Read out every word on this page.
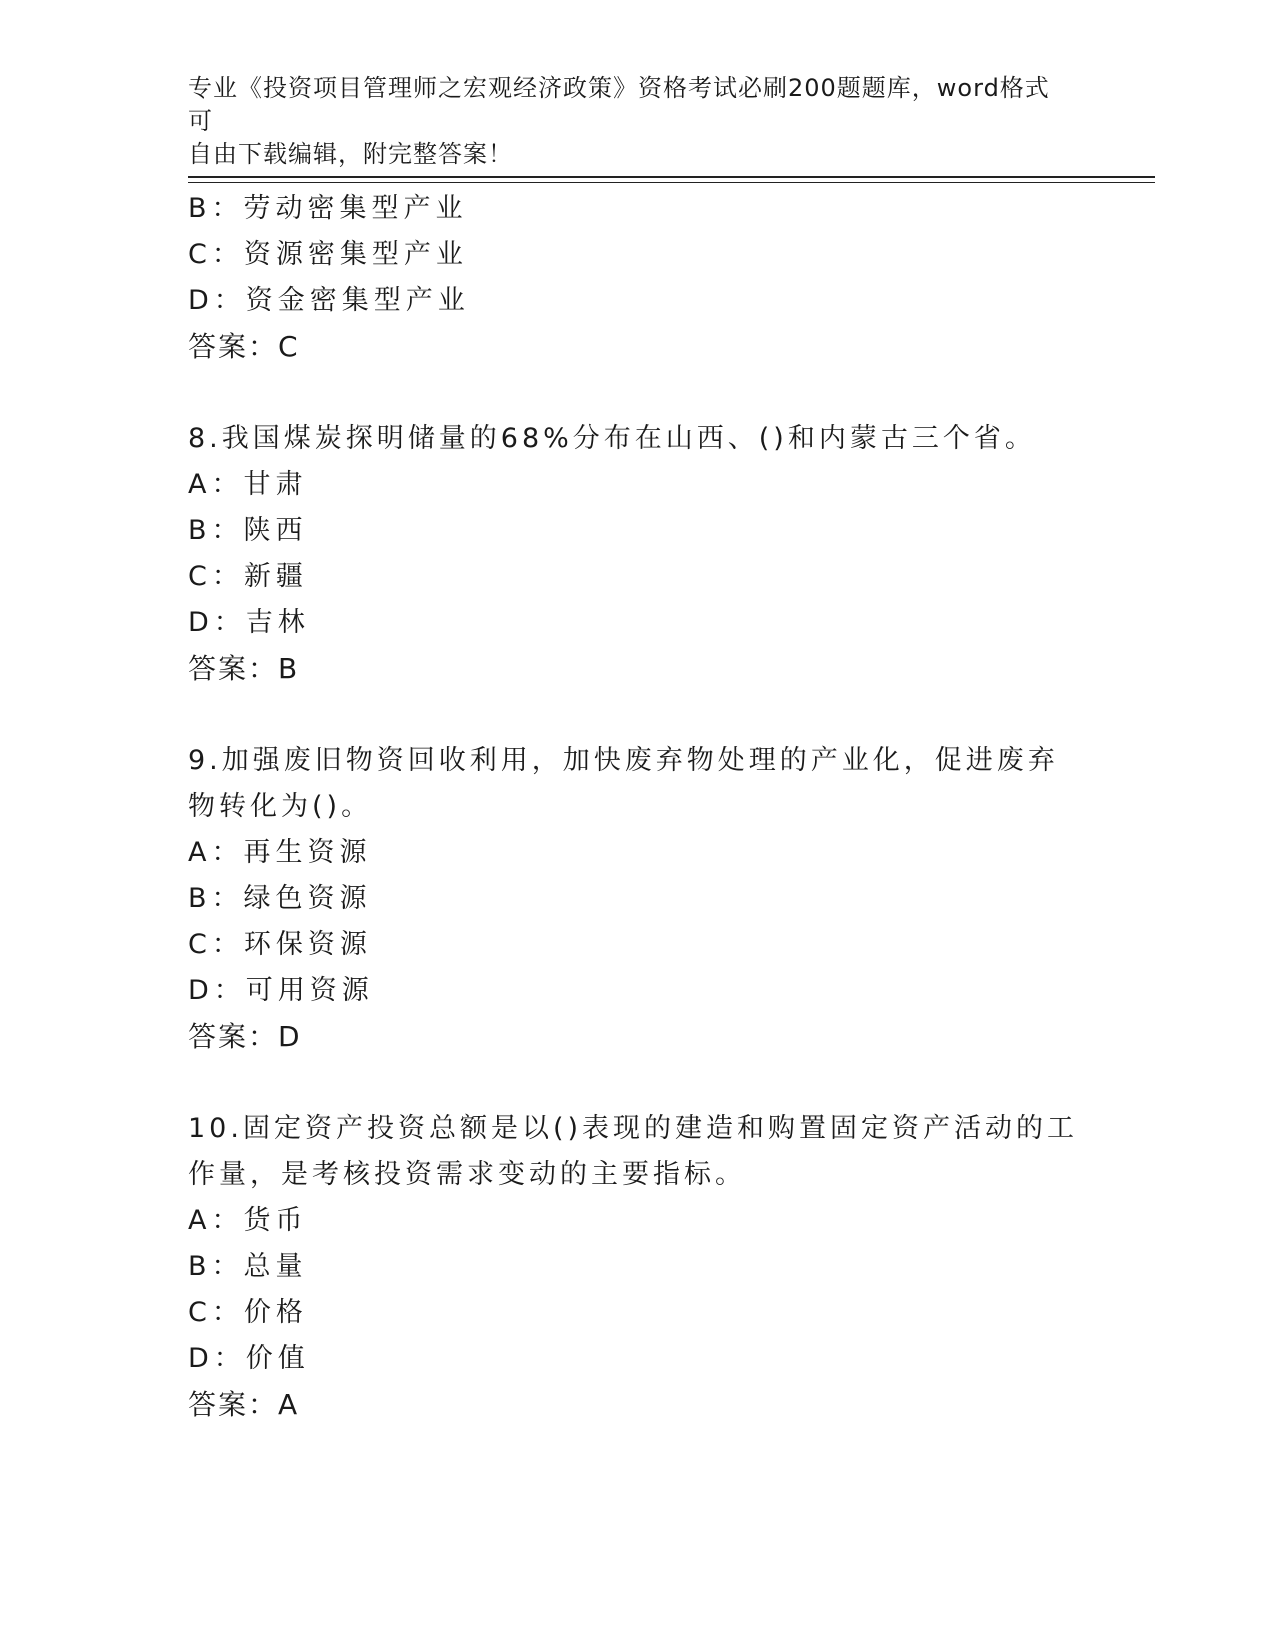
专业《投资项目管理师之宏观经济政策》资格考试必刷200题题库，word格式可
自由下载编辑，附完整答案！
B：劳动密集型产业
C：资源密集型产业
D：资金密集型产业
答案：C
8.我国煤炭探明储量的68%分布在山西、()和内蒙古三个省。
A：甘肃
B：陕西
C：新疆
D：吉林
答案：B
9.加强废旧物资回收利用，加快废弃物处理的产业化，促进废弃物转化为()。
A：再生资源
B：绿色资源
C：环保资源
D：可用资源
答案：D
10.固定资产投资总额是以()表现的建造和购置固定资产活动的工作量，是考核投资需求变动的主要指标。
A：货币
B：总量
C：价格
D：价值
答案：A
